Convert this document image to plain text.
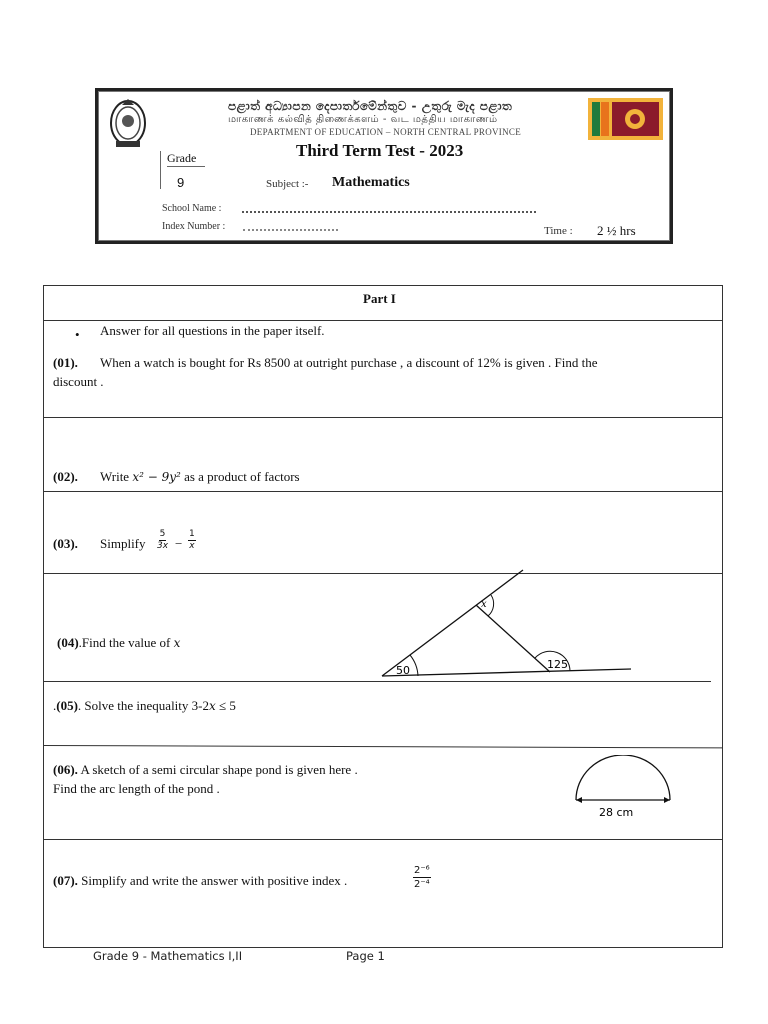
පළාත් අධ්‍යාපන දෙපාර්තමේන්තුව - උතුරු මැද පළාත
மாகாணக் கல்வித் திணைக்களம் - வட மத்திய மாகாணம்
DEPARTMENT OF EDUCATION – NORTH CENTRAL PROVINCE
Third Term Test - 2023
Grade
9	Subject :- Mathematics
School Name :
Index Number :	Time : 2 ½ hrs
Part I
• Answer for all questions in the paper itself.
(01). When a watch is bought for Rs 8500 at outright purchase , a discount of 12% is given . Find the
discount .
(02). Write x² − 9y² as a product of factors
(03). Simplify $\frac{5}{3x} - \frac{1}{x}$
(04).Find the value of x
50
x
125
.(05). Solve the inequality 3-2x ≤ 5
(06). A sketch of a semi circular shape pond is given here .
Find the arc length of the pond .
28 cm
(07). Simplify and write the answer with positive index .	$\frac{\text{2⁻⁶}}{\text{2⁻⁴}}$
Grade 9 - Mathematics I,II	Page 1
